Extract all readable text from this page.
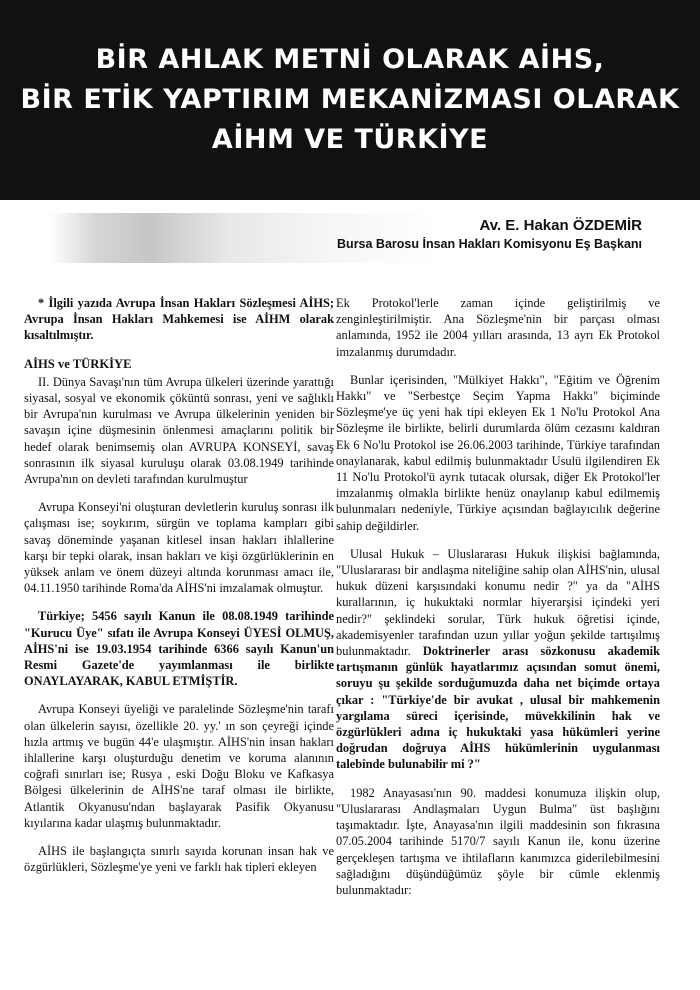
BİR AHLAK METNİ OLARAK AİHS,
BİR ETİK YAPTIRIM MEKANİZMASI OLARAK
AİHM VE TÜRKİYE
Av. E. Hakan ÖZDEMİR
Bursa Barosu İnsan Hakları Komisyonu Eş Başkanı

* İlgili yazıda Avrupa İnsan Hakları Sözleşmesi AİHS; Avrupa İnsan Hakları Mahkemesi ise AİHM olarak kısaltılmıştır.

AİHS ve TÜRKİYE

II. Dünya Savaşı'nın tüm Avrupa ülkeleri üzerinde yarattığı siyasal, sosyal ve ekonomik çöküntü sonrası, yeni ve sağlıklı bir Avrupa'nın kurulması ve Avrupa ülkelerinin yeniden bir savaşın içine düşmesinin önlenmesi amaçlarını politik bir hedef olarak benimsemiş olan AVRUPA KONSEYİ, savaş sonrasının ilk siyasal kuruluşu olarak 03.08.1949 tarihinde Avrupa'nın on devleti tarafından kurulmuştur

Avrupa Konseyi'ni oluşturan devletlerin kuruluş sonrası ilk çalışması ise; soykırım, sürgün ve toplama kampları gibi savaş döneminde yaşanan kitlesel insan hakları ihlallerine karşı bir tepki olarak, insan hakları ve kişi özgürlüklerinin en yüksek anlam ve önem düzeyi altında korunması amacı ile, 04.11.1950 tarihinde Roma'da AİHS'ni imzalamak olmuştur.

Türkiye; 5456 sayılı Kanun ile 08.08.1949 tarihinde "Kurucu Üye" sıfatı ile Avrupa Konseyi ÜYESİ OLMUŞ, AİHS'ni ise 19.03.1954 tarihinde 6366 sayılı Kanun'un Resmi Gazete'de yayımlanması ile birlikte ONAYLAYARAK, KABUL ETMİŞTİR.

Avrupa Konseyi üyeliği ve paralelinde Sözleşme'nin tarafı olan ülkelerin sayısı, özellikle 20. yy.' ın son çeyreği içinde hızla artmış ve bugün 44'e ulaşmıştır. AİHS'nin insan hakları ihlallerine karşı oluşturduğu denetim ve koruma alanının coğrafi sınırları ise; Rusya , eski Doğu Bloku ve Kafkasya Bölgesi ülkelerinin de AİHS'ne taraf olması ile birlikte, Atlantik Okyanusu'ndan başlayarak Pasifik Okyanusu kıyılarına kadar ulaşmış bulunmaktadır.

AİHS ile başlangıçta sınırlı sayıda korunan insan hak ve özgürlükleri, Sözleşme'ye yeni ve farklı hak tipleri ekleyen

Ek Protokol'lerle zaman içinde geliştirilmiş ve zenginleştirilmiştir. Ana Sözleşme'nin bir parçası olması anlamında, 1952 ile 2004 yılları arasında, 13 ayrı Ek Protokol imzalanmış durumdadır.

Bunlar içerisinden, "Mülkiyet Hakkı", "Eğitim ve Öğrenim Hakkı" ve "Serbestçe Seçim Yapma Hakkı" biçiminde Sözleşme'ye üç yeni hak tipi ekleyen Ek 1 No'lu Protokol Ana Sözleşme ile birlikte, belirli durumlarda ölüm cezasını kaldıran Ek 6 No'lu Protokol ise 26.06.2003 tarihinde, Türkiye tarafından onaylanarak, kabul edilmiş bulunmaktadır Usulü ilgilendiren Ek 11 No'lu Protokol'ü ayrık tutacak olursak, diğer Ek Protokol'ler imzalanmış olmakla birlikte henüz onaylanıp kabul edilmemiş bulunmaları nedeniyle, Türkiye açısından bağlayıcılık değerine sahip değildirler.

Ulusal Hukuk – Uluslararası Hukuk ilişkisi bağlamında, "Uluslararası bir andlaşma niteliğine sahip olan AİHS'nin, ulusal hukuk düzeni karşısındaki konumu nedir ?" ya da "AİHS kurallarının, iç hukuktaki normlar hiyerarşisi içindeki yeri nedir?" şeklindeki sorular, Türk hukuk öğretisi içinde, akademisyenler tarafından uzun yıllar yoğun şekilde tartışılmış bulunmaktadır. Doktrinerler arası sözkonusu akademik tartışmanın günlük hayatlarımız açısından somut önemi, soruyu şu şekilde sorduğumuzda daha net biçimde ortaya çıkar : "Türkiye'de bir avukat , ulusal bir mahkemenin yargılama süreci içerisinde, müvekkilinin hak ve özgürlükleri adına iç hukuktaki yasa hükümleri yerine doğrudan doğruya AİHS hükümlerinin uygulanması talebinde bulunabilir mi ?"

1982 Anayasası'nın 90. maddesi konumuza ilişkin olup, "Uluslararası Andlaşmaları Uygun Bulma" üst başlığını taşımaktadır. İşte, Anayasa'nın ilgili maddesinin son fıkrasına 07.05.2004 tarihinde 5170/7 sayılı Kanun ile, konu üzerine gerçekleşen tartışma ve ihtilafların kanımızca giderilebilmesini sağladığını düşündüğümüz şöyle bir cümle eklenmiş bulunmaktadır:
